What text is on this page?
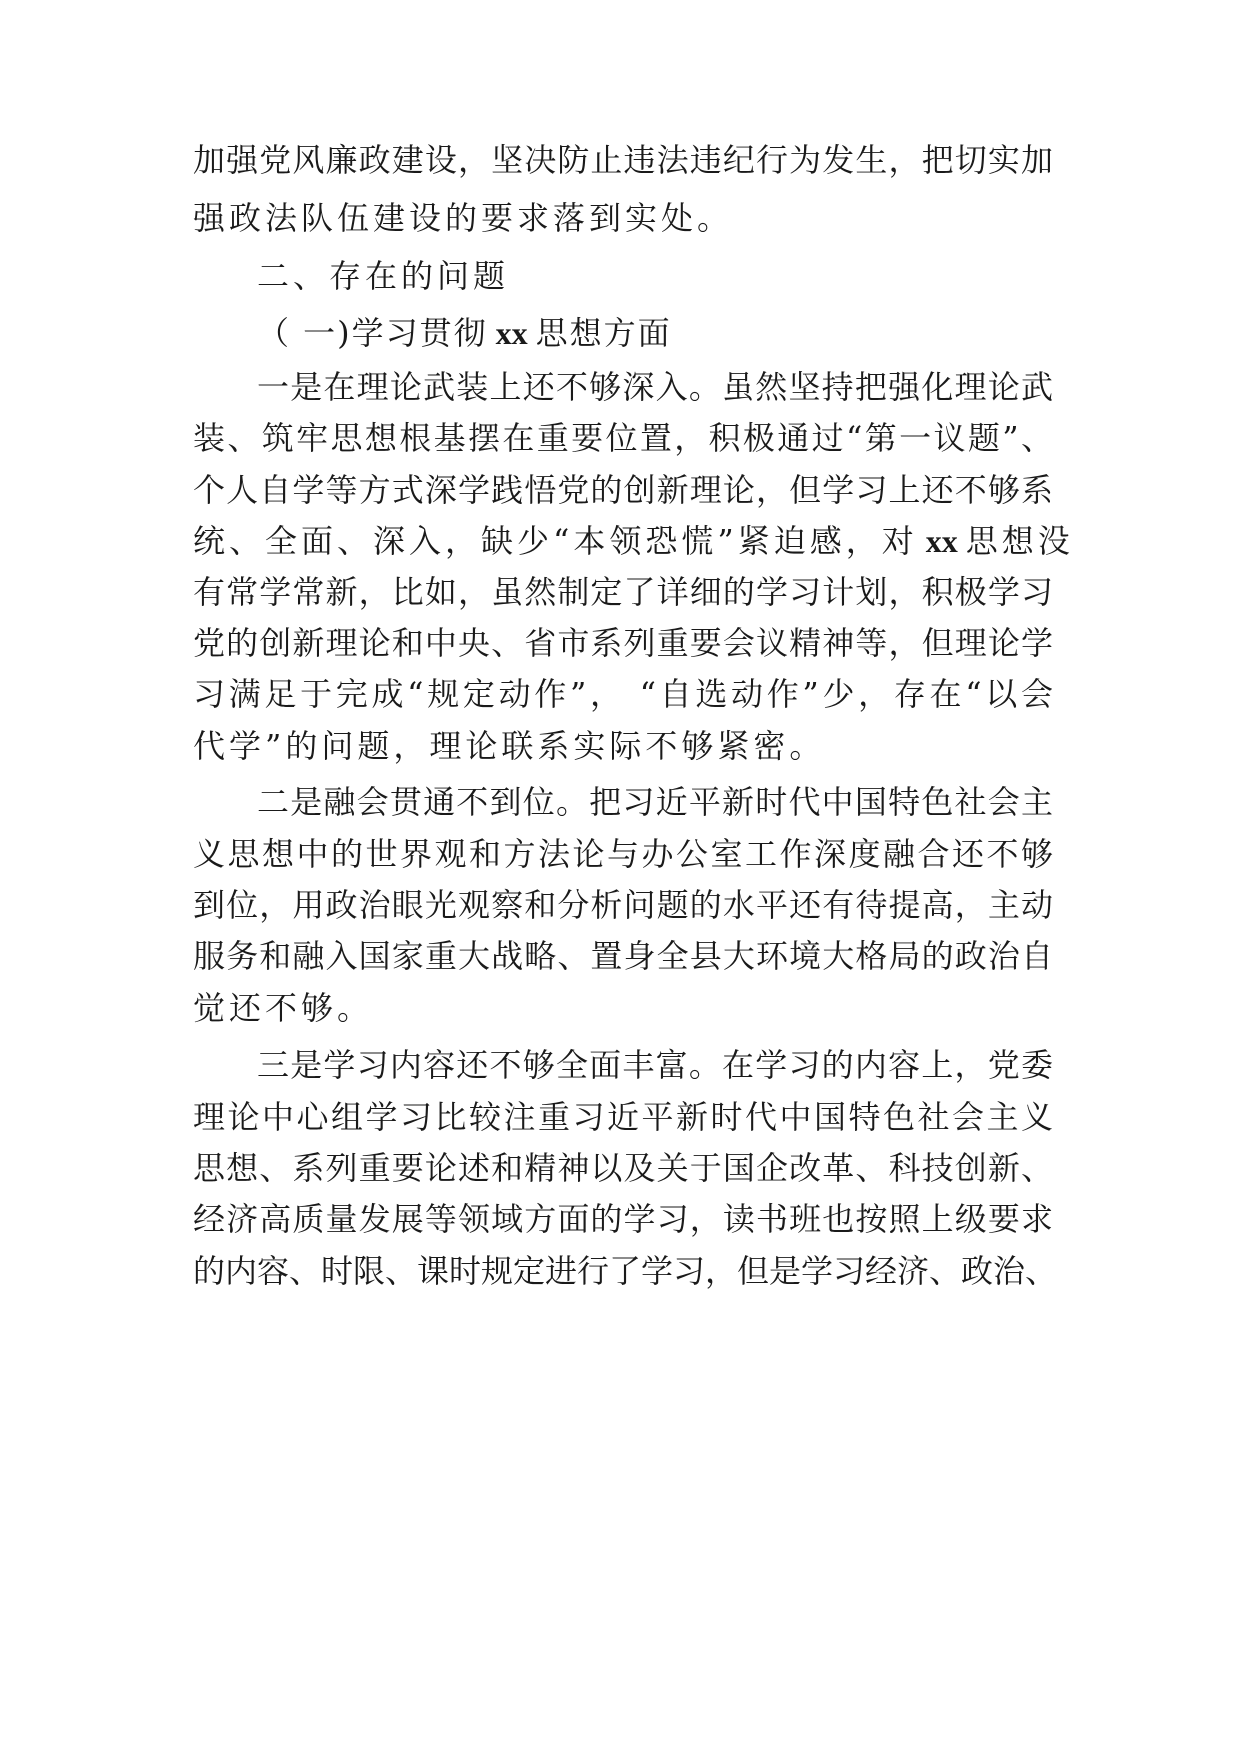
加强党风廉政建设，坚决防止违法违纪行为发生，把切实加
强政法队伍建设的要求落到实处。
二、存在的问题
（ 一)学习贯彻 xx 思想方面
一是在理论武装上还不够深入。虽然坚持把强化理论武
装、筑牢思想根基摆在重要位置，积极通过“第一议题”、
个人自学等方式深学践悟党的创新理论，但学习上还不够系
统、全面、深入，缺少“本领恐慌”紧迫感，对 xx 思想没
有常学常新，比如，虽然制定了详细的学习计划，积极学习
党的创新理论和中央、省市系列重要会议精神等，但理论学
习满足于完成“规定动作”， “自选动作”少，存在“以会
代学”的问题，理论联系实际不够紧密。
二是融会贯通不到位。把习近平新时代中国特色社会主
义思想中的世界观和方法论与办公室工作深度融合还不够
到位，用政治眼光观察和分析问题的水平还有待提高，主动
服务和融入国家重大战略、置身全县大环境大格局的政治自
觉还不够。
三是学习内容还不够全面丰富。在学习的内容上，党委
理论中心组学习比较注重习近平新时代中国特色社会主义
思想、系列重要论述和精神以及关于国企改革、科技创新、
经济高质量发展等领域方面的学习，读书班也按照上级要求
的内容、时限、课时规定进行了学习，但是学习经济、政治、
